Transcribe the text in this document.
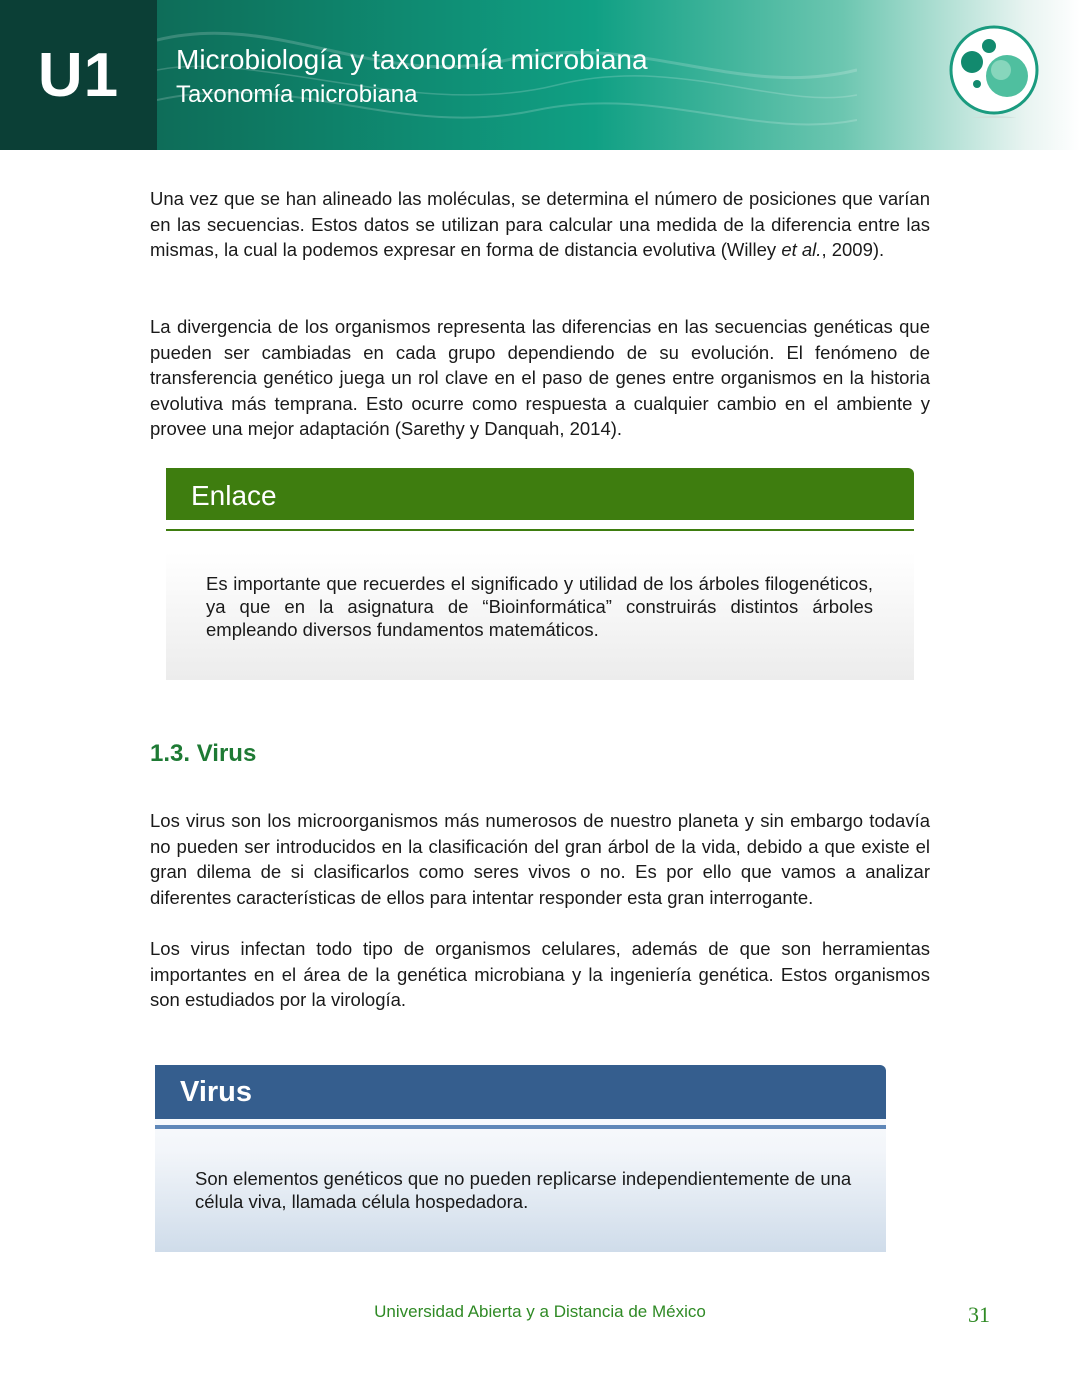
U1 Microbiología y taxonomía microbiana
Taxonomía microbiana

Una vez que se han alineado las moléculas, se determina el número de posiciones que varían en las secuencias. Estos datos se utilizan para calcular una medida de la diferencia entre las mismas, la cual la podemos expresar en forma de distancia evolutiva (Willey et al., 2009).

La divergencia de los organismos representa las diferencias en las secuencias genéticas que pueden ser cambiadas en cada grupo dependiendo de su evolución. El fenómeno de transferencia genético juega un rol clave en el paso de genes entre organismos en la historia evolutiva más temprana. Esto ocurre como respuesta a cualquier cambio en el ambiente y provee una mejor adaptación (Sarethy y Danquah, 2014).

Enlace
Es importante que recuerdes el significado y utilidad de los árboles filogenéticos, ya que en la asignatura de “Bioinformática” construirás distintos árboles empleando diversos fundamentos matemáticos.
1.3. Virus

Los virus son los microorganismos más numerosos de nuestro planeta y sin embargo todavía no pueden ser introducidos en la clasificación del gran árbol de la vida, debido a que existe el gran dilema de si clasificarlos como seres vivos o no. Es por ello que vamos a analizar diferentes características de ellos para intentar responder esta gran interrogante.

Los virus infectan todo tipo de organismos celulares, además de que son herramientas importantes en el área de la genética microbiana y la ingeniería genética. Estos organismos son estudiados por la virología.

Virus
Son elementos genéticos que no pueden replicarse independientemente de una célula viva, llamada célula hospedadora.
Universidad Abierta y a Distancia de México	31
